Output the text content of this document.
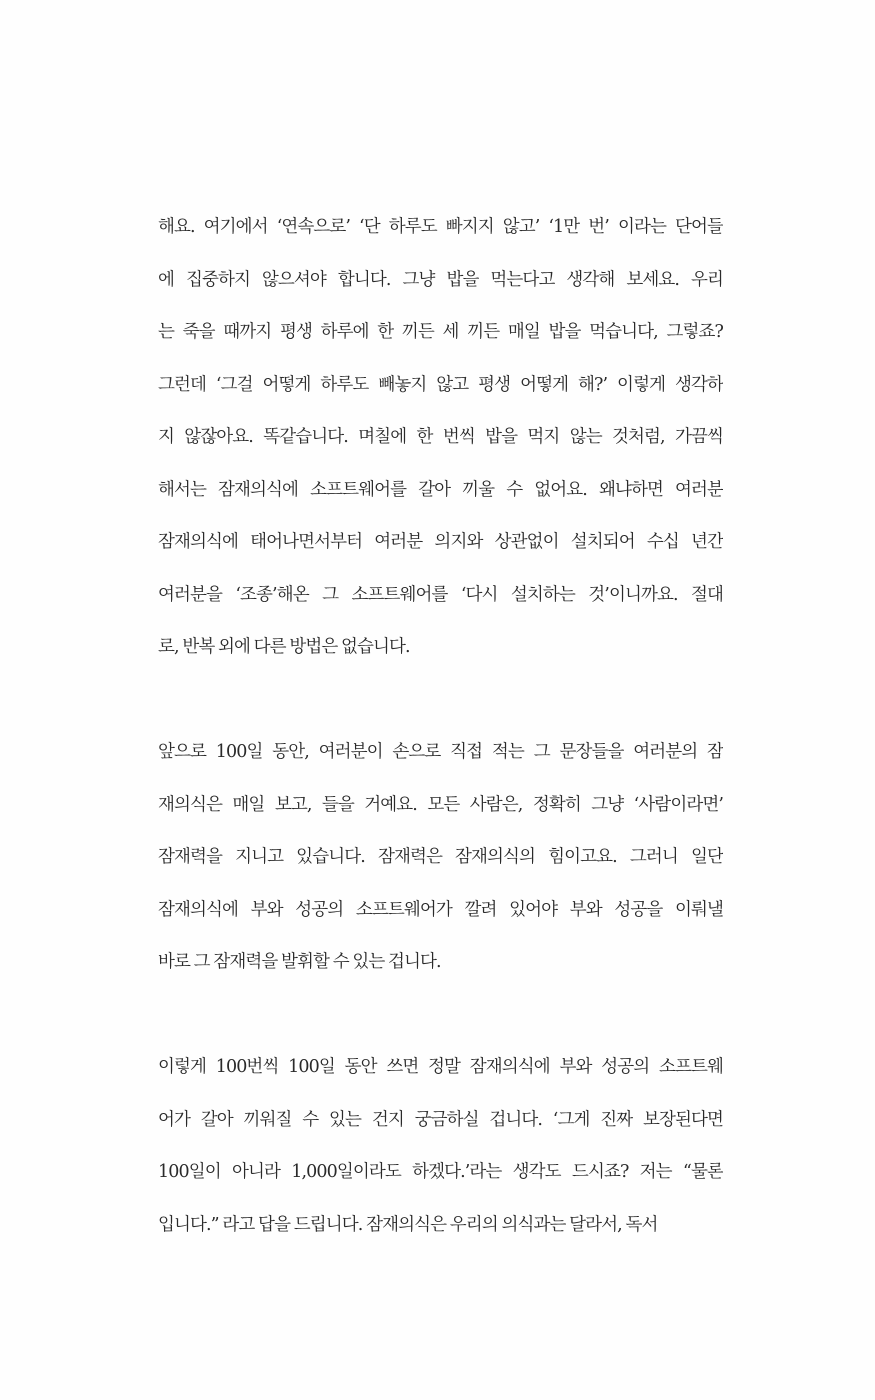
해요. 여기에서 ‘연속으로’ ‘단 하루도 빠지지 않고’ ‘1만 번’ 이라는 단어들
에 집중하지 않으셔야 합니다. 그냥 밥을 먹는다고 생각해 보세요. 우리
는 죽을 때까지 평생 하루에 한 끼든 세 끼든 매일 밥을 먹습니다, 그렇죠?
그런데 ‘그걸 어떻게 하루도 빼놓지 않고 평생 어떻게 해?’ 이렇게 생각하
지 않잖아요. 똑같습니다. 며칠에 한 번씩 밥을 먹지 않는 것처럼, 가끔씩
해서는 잠재의식에 소프트웨어를 갈아 끼울 수 없어요. 왜냐하면 여러분
잠재의식에 태어나면서부터 여러분 의지와 상관없이 설치되어 수십 년간
여러분을 ‘조종’해온 그 소프트웨어를 ‘다시 설치하는 것’이니까요. 절대
로, 반복 외에 다른 방법은 없습니다.
앞으로 100일 동안, 여러분이 손으로 직접 적는 그 문장들을 여러분의 잠
재의식은 매일 보고, 들을 거예요. 모든 사람은, 정확히 그냥 ‘사람이라면’
잠재력을 지니고 있습니다. 잠재력은 잠재의식의 힘이고요. 그러니 일단
잠재의식에 부와 성공의 소프트웨어가 깔려 있어야 부와 성공을 이뤄낼
바로 그 잠재력을 발휘할 수 있는 겁니다.
이렇게 100번씩 100일 동안 쓰면 정말 잠재의식에 부와 성공의 소프트웨
어가 갈아 끼워질 수 있는 건지 궁금하실 겁니다. ‘그게 진짜 보장된다면
100일이 아니라 1,000일이라도 하겠다.’라는 생각도 드시죠? 저는 “물론
입니다.” 라고 답을 드립니다. 잠재의식은 우리의 의식과는 달라서, 독서
